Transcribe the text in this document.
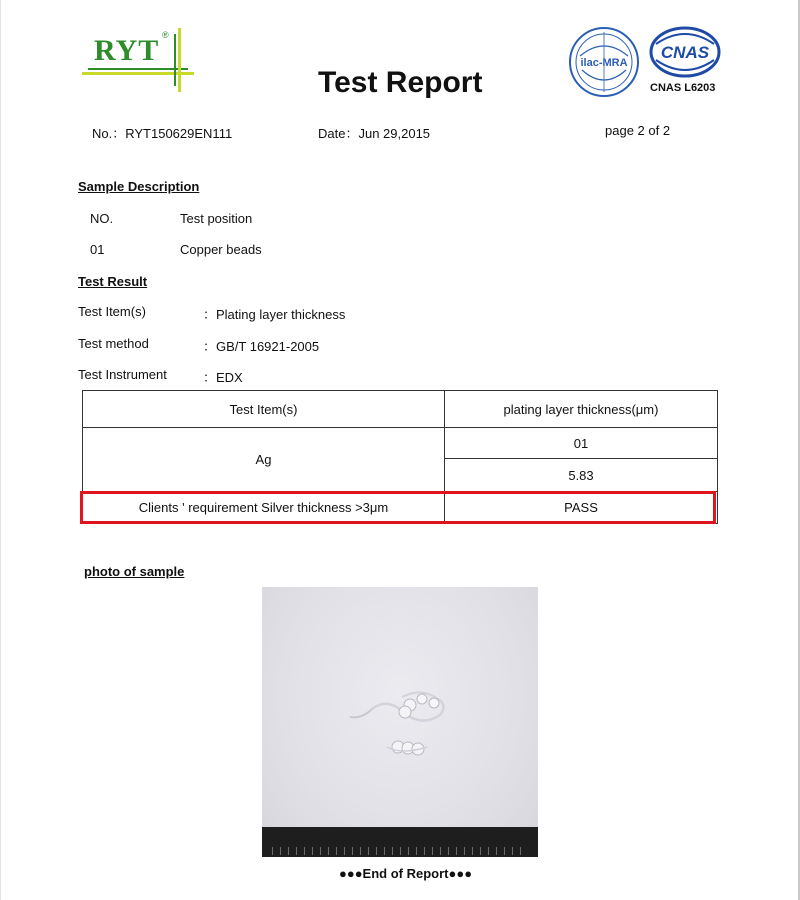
RYT ®
Test Report
ilac-MRA
CNAS
CNAS L6203
No.：RYT150629EN111	Date：Jun 29,2015	page 2 of 2
Sample Description
NO.	Test position
01	Copper beads
Test Result
Test Item(s)	：Plating layer thickness
Test method	：GB/T 16921-2005
Test Instrument	：EDX
Test Item(s)	plating layer thickness(μm)
Ag	01
	5.83
Clients ' requirement Silver thickness >3μm	PASS
photo of sample
●●●End of Report●●●
